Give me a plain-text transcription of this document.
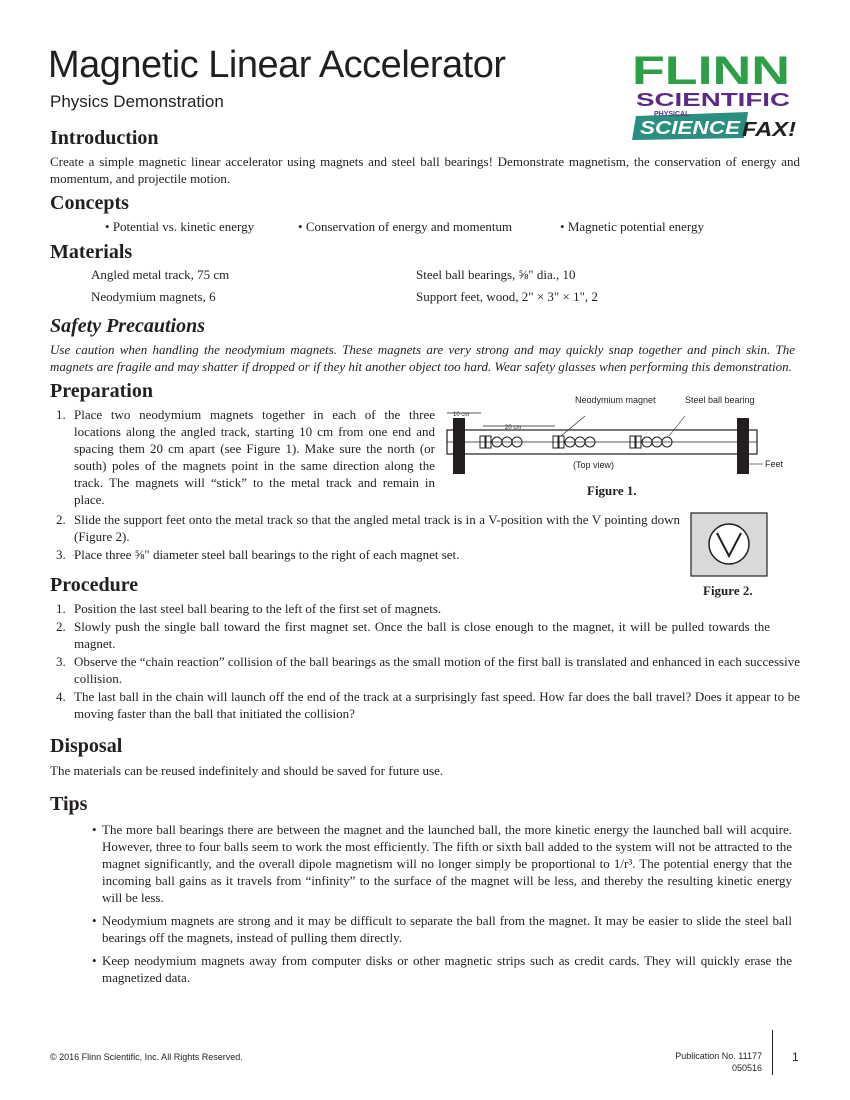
Magnetic Linear Accelerator
Physics Demonstration
FLINN
SCIENTIFIC
PHYSICAL
SCIENCE FAX!
Introduction
Create a simple magnetic linear accelerator using magnets and steel ball bearings! Demonstrate magnetism, the conservation of energy and momentum, and projectile motion.
Concepts
• Potential vs. kinetic energy	• Conservation of energy and momentum	• Magnetic potential energy
Materials
Angled metal track, 75 cm	Steel ball bearings, ⅝" dia., 10
Neodymium magnets, 6	Support feet, wood, 2" × 3" × 1", 2
Safety Precautions
Use caution when handling the neodymium magnets. These magnets are very strong and may quickly snap together and pinch skin. The magnets are fragile and may shatter if dropped or if they hit another object too hard. Wear safety glasses when performing this demonstration.
Preparation
1. Place two neodymium magnets together in each of the three locations along the angled track, starting 10 cm from one end and spacing them 20 cm apart (see Figure 1). Make sure the north (or south) poles of the magnets point in the same direction along the track. The magnets will “stick” to the metal track and remain in place.
2. Slide the support feet onto the metal track so that the angled metal track is in a V-position with the V pointing down (Figure 2).
3. Place three ⅝" diameter steel ball bearings to the right of each magnet set.
10 cm
20 cm
Neodymium magnet	Steel ball bearing
(Top view)	Feet
Figure 1.
Figure 2.
Procedure
1. Position the last steel ball bearing to the left of the first set of magnets.
2. Slowly push the single ball toward the first magnet set. Once the ball is close enough to the magnet, it will be pulled towards the magnet.
3. Observe the “chain reaction” collision of the ball bearings as the small motion of the first ball is translated and enhanced in each successive collision.
4. The last ball in the chain will launch off the end of the track at a surprisingly fast speed. How far does the ball travel? Does it appear to be moving faster than the ball that initiated the collision?
Disposal
The materials can be reused indefinitely and should be saved for future use.
Tips
• The more ball bearings there are between the magnet and the launched ball, the more kinetic energy the launched ball will acquire. However, three to four balls seem to work the most efficiently. The fifth or sixth ball added to the system will not be attracted to the magnet significantly, and the overall dipole magnetism will no longer simply be proportional to 1/r³. The potential energy that the incoming ball gains as it travels from “infinity” to the surface of the magnet will be less, and thereby the resulting kinetic energy will be less.
• Neodymium magnets are strong and it may be difficult to separate the ball from the magnet. It may be easier to slide the steel ball bearings off the magnets, instead of pulling them directly.
• Keep neodymium magnets away from computer disks or other magnetic strips such as credit cards. They will quickly erase the magnetized data.
© 2016 Flinn Scientific, Inc. All Rights Reserved.	Publication No. 11177
050516
1
